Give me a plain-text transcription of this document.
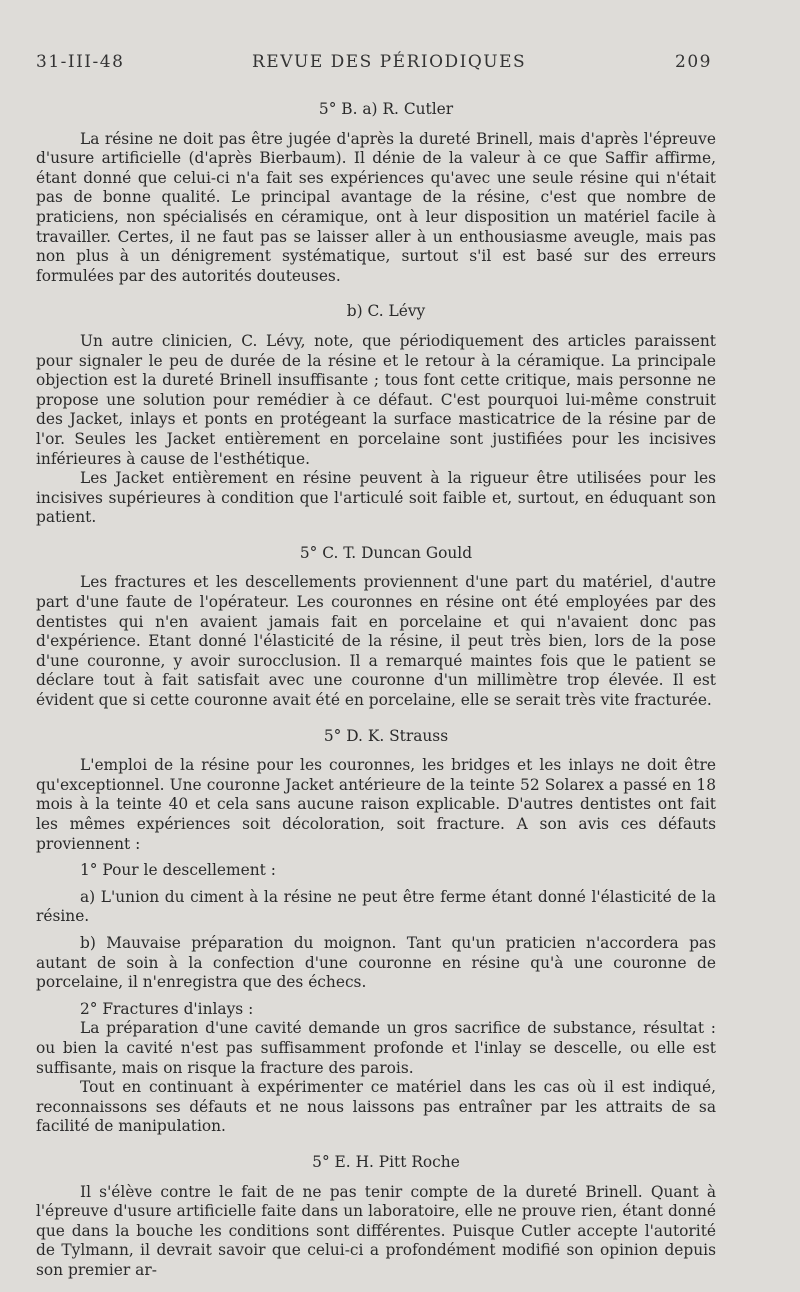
31-III-48	REVUE DES PÉRIODIQUES	209
5° B. a) R. Cutler

La résine ne doit pas être jugée d'après la dureté Brinell, mais d'après l'épreuve d'usure artificielle (d'après Bierbaum). Il dénie de la valeur à ce que Saffir affirme, étant donné que celui-ci n'a fait ses expériences qu'avec une seule résine qui n'était pas de bonne qualité. Le principal avantage de la résine, c'est que nombre de praticiens, non spécialisés en céramique, ont à leur disposition un matériel facile à travailler. Certes, il ne faut pas se laisser aller à un enthousiasme aveugle, mais pas non plus à un dénigrement systématique, surtout s'il est basé sur des erreurs formulées par des autorités douteuses.

b) C. Lévy

Un autre clinicien, C. Lévy, note, que périodiquement des articles paraissent pour signaler le peu de durée de la résine et le retour à la céramique. La principale objection est la dureté Brinell insuffisante ; tous font cette critique, mais personne ne propose une solution pour remédier à ce défaut. C'est pourquoi lui-même construit des Jacket, inlays et ponts en protégeant la surface masticatrice de la résine par de l'or. Seules les Jacket entièrement en porcelaine sont justifiées pour les incisives inférieures à cause de l'esthétique.

Les Jacket entièrement en résine peuvent à la rigueur être utilisées pour les incisives supérieures à condition que l'articulé soit faible et, surtout, en éduquant son patient.

5° C. T. Duncan Gould

Les fractures et les descellements proviennent d'une part du matériel, d'autre part d'une faute de l'opérateur. Les couronnes en résine ont été employées par des dentistes qui n'en avaient jamais fait en porcelaine et qui n'avaient donc pas d'expérience. Etant donné l'élasticité de la résine, il peut très bien, lors de la pose d'une couronne, y avoir surocclusion. Il a remarqué maintes fois que le patient se déclare tout à fait satisfait avec une couronne d'un millimètre trop élevée. Il est évident que si cette couronne avait été en porcelaine, elle se serait très vite fracturée.

5° D. K. Strauss

L'emploi de la résine pour les couronnes, les bridges et les inlays ne doit être qu'exceptionnel. Une couronne Jacket antérieure de la teinte 52 Solarex a passé en 18 mois à la teinte 40 et cela sans aucune raison explicable. D'autres dentistes ont fait les mêmes expériences soit décoloration, soit fracture. A son avis ces défauts proviennent :

1° Pour le descellement :

a) L'union du ciment à la résine ne peut être ferme étant donné l'élasticité de la résine.

b) Mauvaise préparation du moignon. Tant qu'un praticien n'accordera pas autant de soin à la confection d'une couronne en résine qu'à une couronne de porcelaine, il n'enregistra que des échecs.

2° Fractures d'inlays :

La préparation d'une cavité demande un gros sacrifice de substance, résultat : ou bien la cavité n'est pas suffisamment profonde et l'inlay se descelle, ou elle est suffisante, mais on risque la fracture des parois.

Tout en continuant à expérimenter ce matériel dans les cas où il est indiqué, reconnaissons ses défauts et ne nous laissons pas entraîner par les attraits de sa facilité de manipulation.

5° E. H. Pitt Roche

Il s'élève contre le fait de ne pas tenir compte de la dureté Brinell. Quant à l'épreuve d'usure artificielle faite dans un laboratoire, elle ne prouve rien, étant donné que dans la bouche les conditions sont différentes. Puisque Cutler accepte l'autorité de Tylmann, il devrait savoir que celui-ci a profondément modifié son opinion depuis son premier ar-
